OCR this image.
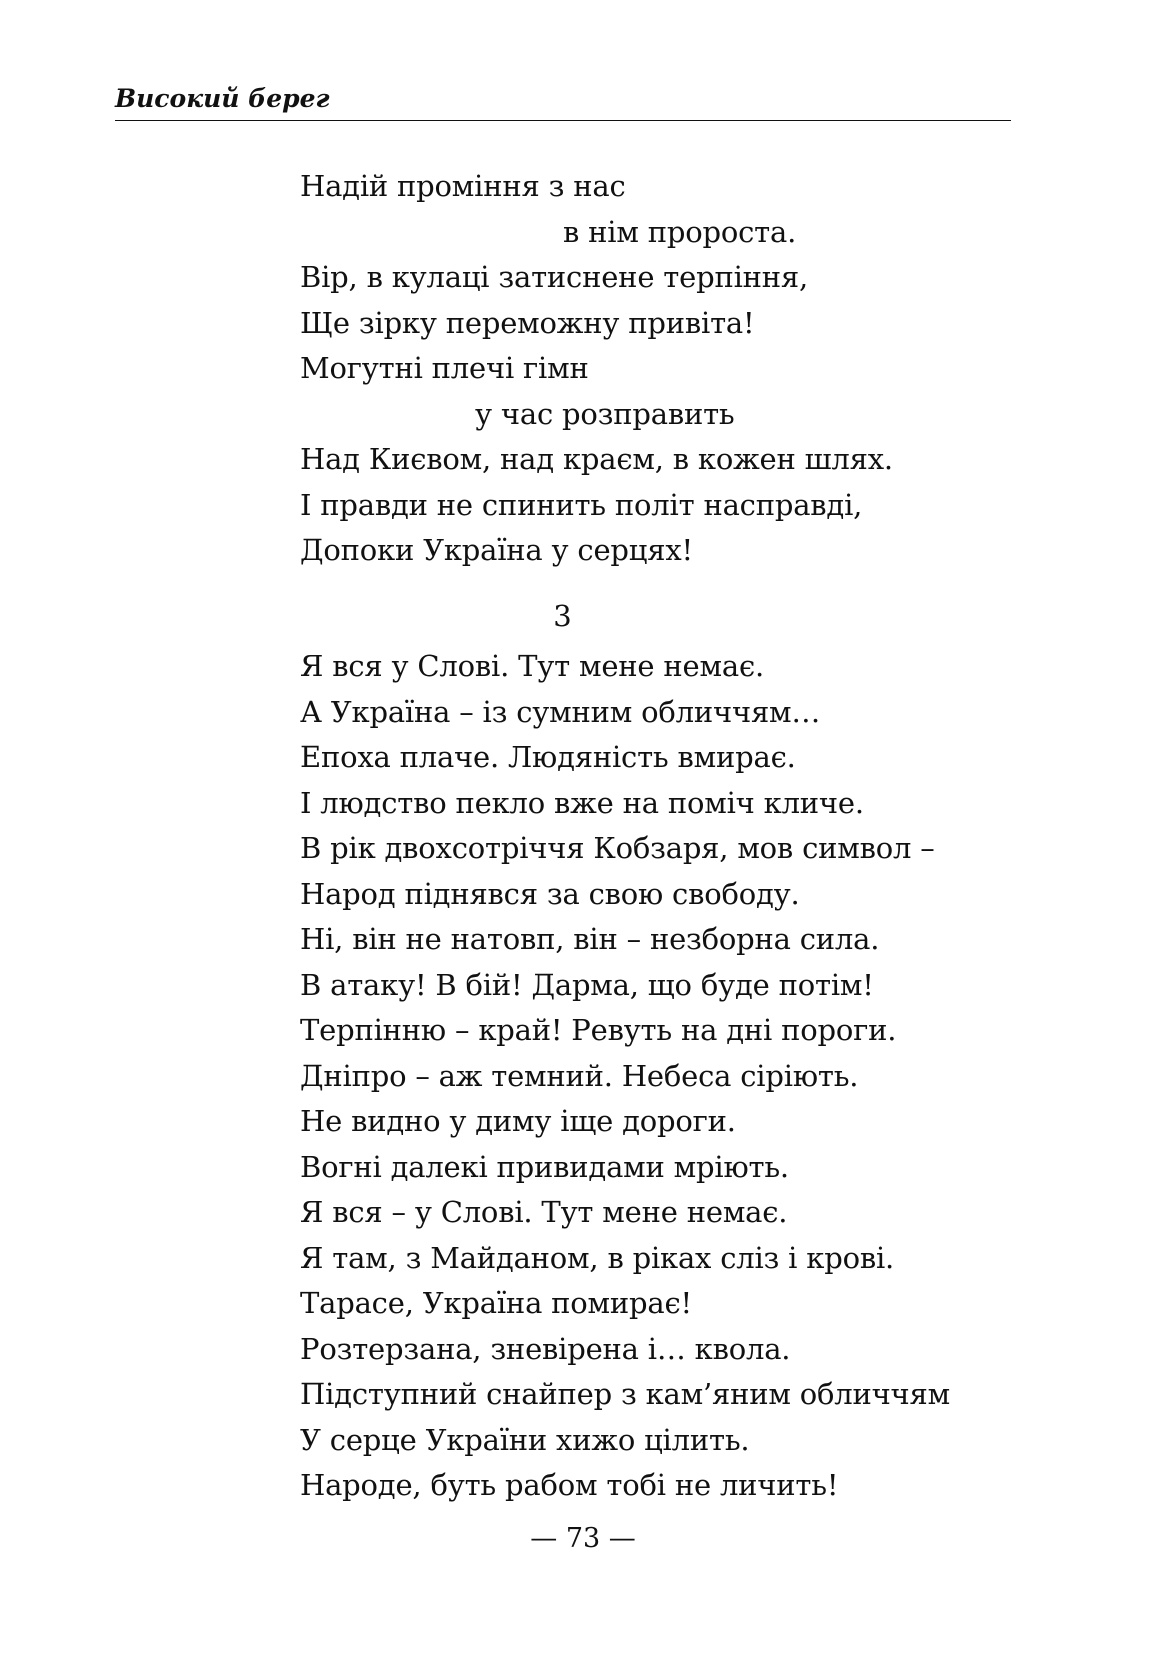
Високий берег
Надій проміння з нас
в нім пророста.
Вір, в кулаці затиснене терпіння,
Ще зірку переможну привіта!
Могутні плечі гімн
у час розправить
Над Києвом, над краєм, в кожен шлях.
І правди не спинить політ насправді,
Допоки Україна у серцях!

3

Я вся у Слові. Тут мене немає.
А Україна – із сумним обличчям…
Епоха плаче. Людяність вмирає.
І людство пекло вже на поміч кличе.
В рік двохсотріччя Кобзаря, мов символ –
Народ піднявся за свою свободу.
Ні, він не натовп, він – незборна сила.
В атаку! В бій! Дарма, що буде потім!
Терпінню – край! Ревуть на дні пороги.
Дніпро – аж темний. Небеса сіріють.
Не видно у диму іще дороги.
Вогні далекі привидами мріють.
Я вся – у Слові. Тут мене немає.
Я там, з Майданом, в ріках сліз і крові.
Тарасе, Україна помирає!
Розтерзана, зневірена і… квола.
Підступний снайпер з кам’яним обличчям
У серце України хижо цілить.
Народе, буть рабом тобі не личить!

— 73 —
